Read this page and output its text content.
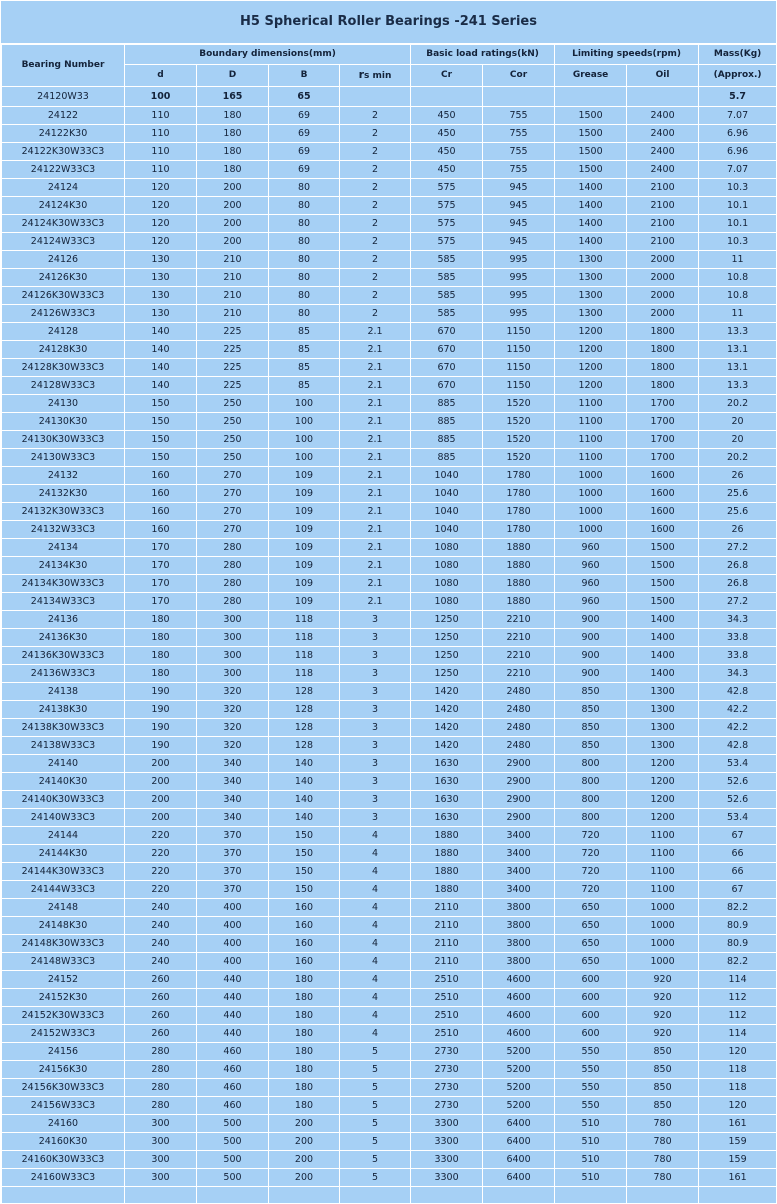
H5 Spherical Roller Bearings -241 Series
Bearing Number	Boundary dimensions(mm)				Basic load ratings(kN)		Limiting speeds(rpm)		Mass(Kg)
	d	D	B	rs min	Cr	Cor	Grease	Oil	(Approx.)
24120W33	100	165	65						5.7
24122	110	180	69	2	450	755	1500	2400	7.07
24122K30	110	180	69	2	450	755	1500	2400	6.96
24122K30W33C3	110	180	69	2	450	755	1500	2400	6.96
24122W33C3	110	180	69	2	450	755	1500	2400	7.07
24124	120	200	80	2	575	945	1400	2100	10.3
24124K30	120	200	80	2	575	945	1400	2100	10.1
24124K30W33C3	120	200	80	2	575	945	1400	2100	10.1
24124W33C3	120	200	80	2	575	945	1400	2100	10.3
24126	130	210	80	2	585	995	1300	2000	11
24126K30	130	210	80	2	585	995	1300	2000	10.8
24126K30W33C3	130	210	80	2	585	995	1300	2000	10.8
24126W33C3	130	210	80	2	585	995	1300	2000	11
24128	140	225	85	2.1	670	1150	1200	1800	13.3
24128K30	140	225	85	2.1	670	1150	1200	1800	13.1
24128K30W33C3	140	225	85	2.1	670	1150	1200	1800	13.1
24128W33C3	140	225	85	2.1	670	1150	1200	1800	13.3
24130	150	250	100	2.1	885	1520	1100	1700	20.2
24130K30	150	250	100	2.1	885	1520	1100	1700	20
24130K30W33C3	150	250	100	2.1	885	1520	1100	1700	20
24130W33C3	150	250	100	2.1	885	1520	1100	1700	20.2
24132	160	270	109	2.1	1040	1780	1000	1600	26
24132K30	160	270	109	2.1	1040	1780	1000	1600	25.6
24132K30W33C3	160	270	109	2.1	1040	1780	1000	1600	25.6
24132W33C3	160	270	109	2.1	1040	1780	1000	1600	26
24134	170	280	109	2.1	1080	1880	960	1500	27.2
24134K30	170	280	109	2.1	1080	1880	960	1500	26.8
24134K30W33C3	170	280	109	2.1	1080	1880	960	1500	26.8
24134W33C3	170	280	109	2.1	1080	1880	960	1500	27.2
24136	180	300	118	3	1250	2210	900	1400	34.3
24136K30	180	300	118	3	1250	2210	900	1400	33.8
24136K30W33C3	180	300	118	3	1250	2210	900	1400	33.8
24136W33C3	180	300	118	3	1250	2210	900	1400	34.3
24138	190	320	128	3	1420	2480	850	1300	42.8
24138K30	190	320	128	3	1420	2480	850	1300	42.2
24138K30W33C3	190	320	128	3	1420	2480	850	1300	42.2
24138W33C3	190	320	128	3	1420	2480	850	1300	42.8
24140	200	340	140	3	1630	2900	800	1200	53.4
24140K30	200	340	140	3	1630	2900	800	1200	52.6
24140K30W33C3	200	340	140	3	1630	2900	800	1200	52.6
24140W33C3	200	340	140	3	1630	2900	800	1200	53.4
24144	220	370	150	4	1880	3400	720	1100	67
24144K30	220	370	150	4	1880	3400	720	1100	66
24144K30W33C3	220	370	150	4	1880	3400	720	1100	66
24144W33C3	220	370	150	4	1880	3400	720	1100	67
24148	240	400	160	4	2110	3800	650	1000	82.2
24148K30	240	400	160	4	2110	3800	650	1000	80.9
24148K30W33C3	240	400	160	4	2110	3800	650	1000	80.9
24148W33C3	240	400	160	4	2110	3800	650	1000	82.2
24152	260	440	180	4	2510	4600	600	920	114
24152K30	260	440	180	4	2510	4600	600	920	112
24152K30W33C3	260	440	180	4	2510	4600	600	920	112
24152W33C3	260	440	180	4	2510	4600	600	920	114
24156	280	460	180	5	2730	5200	550	850	120
24156K30	280	460	180	5	2730	5200	550	850	118
24156K30W33C3	280	460	180	5	2730	5200	550	850	118
24156W33C3	280	460	180	5	2730	5200	550	850	120
24160	300	500	200	5	3300	6400	510	780	161
24160K30	300	500	200	5	3300	6400	510	780	159
24160K30W33C3	300	500	200	5	3300	6400	510	780	159
24160W33C3	300	500	200	5	3300	6400	510	780	161
